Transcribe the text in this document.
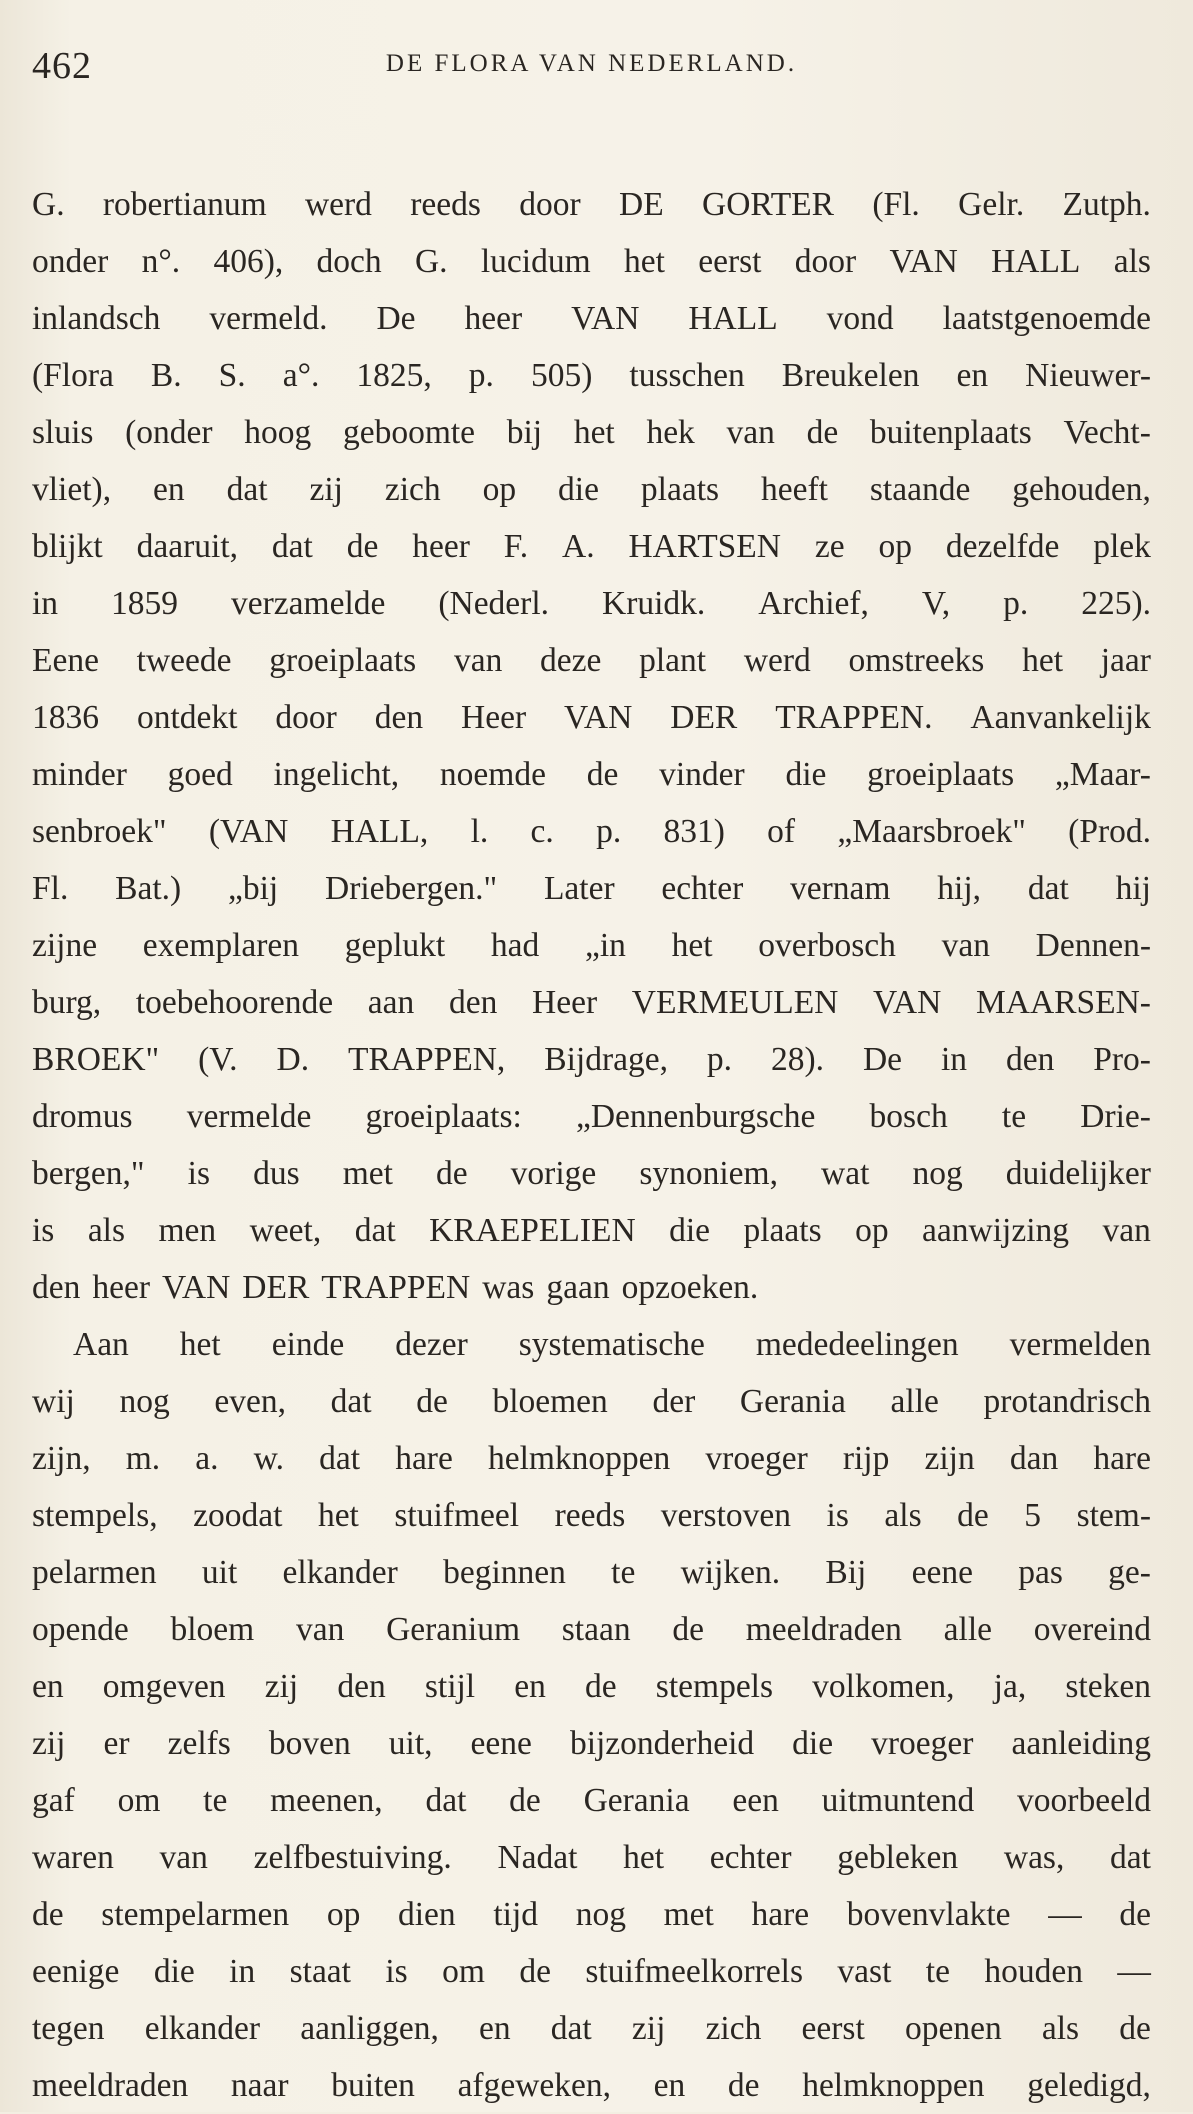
462	DE FLORA VAN NEDERLAND.
G. robertianum werd reeds door DE GORTER (Fl. Gelr. Zutph.
onder n°. 406), doch G. lucidum het eerst door VAN HALL als
inlandsch vermeld. De heer VAN HALL vond laatstgenoemde
(Flora B. S. a°. 1825, p. 505) tusschen Breukelen en Nieuwer-
sluis (onder hoog geboomte bij het hek van de buitenplaats Vecht-
vliet), en dat zij zich op die plaats heeft staande gehouden,
blijkt daaruit, dat de heer F. A. HARTSEN ze op dezelfde plek
in 1859 verzamelde (Nederl. Kruidk. Archief, V, p. 225).
Eene tweede groeiplaats van deze plant werd omstreeks het jaar
1836 ontdekt door den Heer VAN DER TRAPPEN. Aanvankelijk
minder goed ingelicht, noemde de vinder die groeiplaats „Maar-
senbroek" (VAN HALL, l. c. p. 831) of „Maarsbroek" (Prod.
Fl. Bat.) „bij Driebergen." Later echter vernam hij, dat hij
zijne exemplaren geplukt had „in het overbosch van Dennen-
burg, toebehoorende aan den Heer VERMEULEN VAN MAARSEN-
BROEK" (V. D. TRAPPEN, Bijdrage, p. 28). De in den Pro-
dromus vermelde groeiplaats: „Dennenburgsche bosch te Drie-
bergen," is dus met de vorige synoniem, wat nog duidelijker
is als men weet, dat KRAEPELIEN die plaats op aanwijzing van
den heer VAN DER TRAPPEN was gaan opzoeken.
Aan het einde dezer systematische mededeelingen vermelden
wij nog even, dat de bloemen der Gerania alle protandrisch
zijn, m. a. w. dat hare helmknoppen vroeger rijp zijn dan hare
stempels, zoodat het stuifmeel reeds verstoven is als de 5 stem-
pelarmen uit elkander beginnen te wijken. Bij eene pas ge-
opende bloem van Geranium staan de meeldraden alle overeind
en omgeven zij den stijl en de stempels volkomen, ja, steken
zij er zelfs boven uit, eene bijzonderheid die vroeger aanleiding
gaf om te meenen, dat de Gerania een uitmuntend voorbeeld
waren van zelfbestuiving. Nadat het echter gebleken was, dat
de stempelarmen op dien tijd nog met hare bovenvlakte — de
eenige die in staat is om de stuifmeelkorrels vast te houden —
tegen elkander aanliggen, en dat zij zich eerst openen als de
meeldraden naar buiten afgeweken, en de helmknoppen geledigd,
